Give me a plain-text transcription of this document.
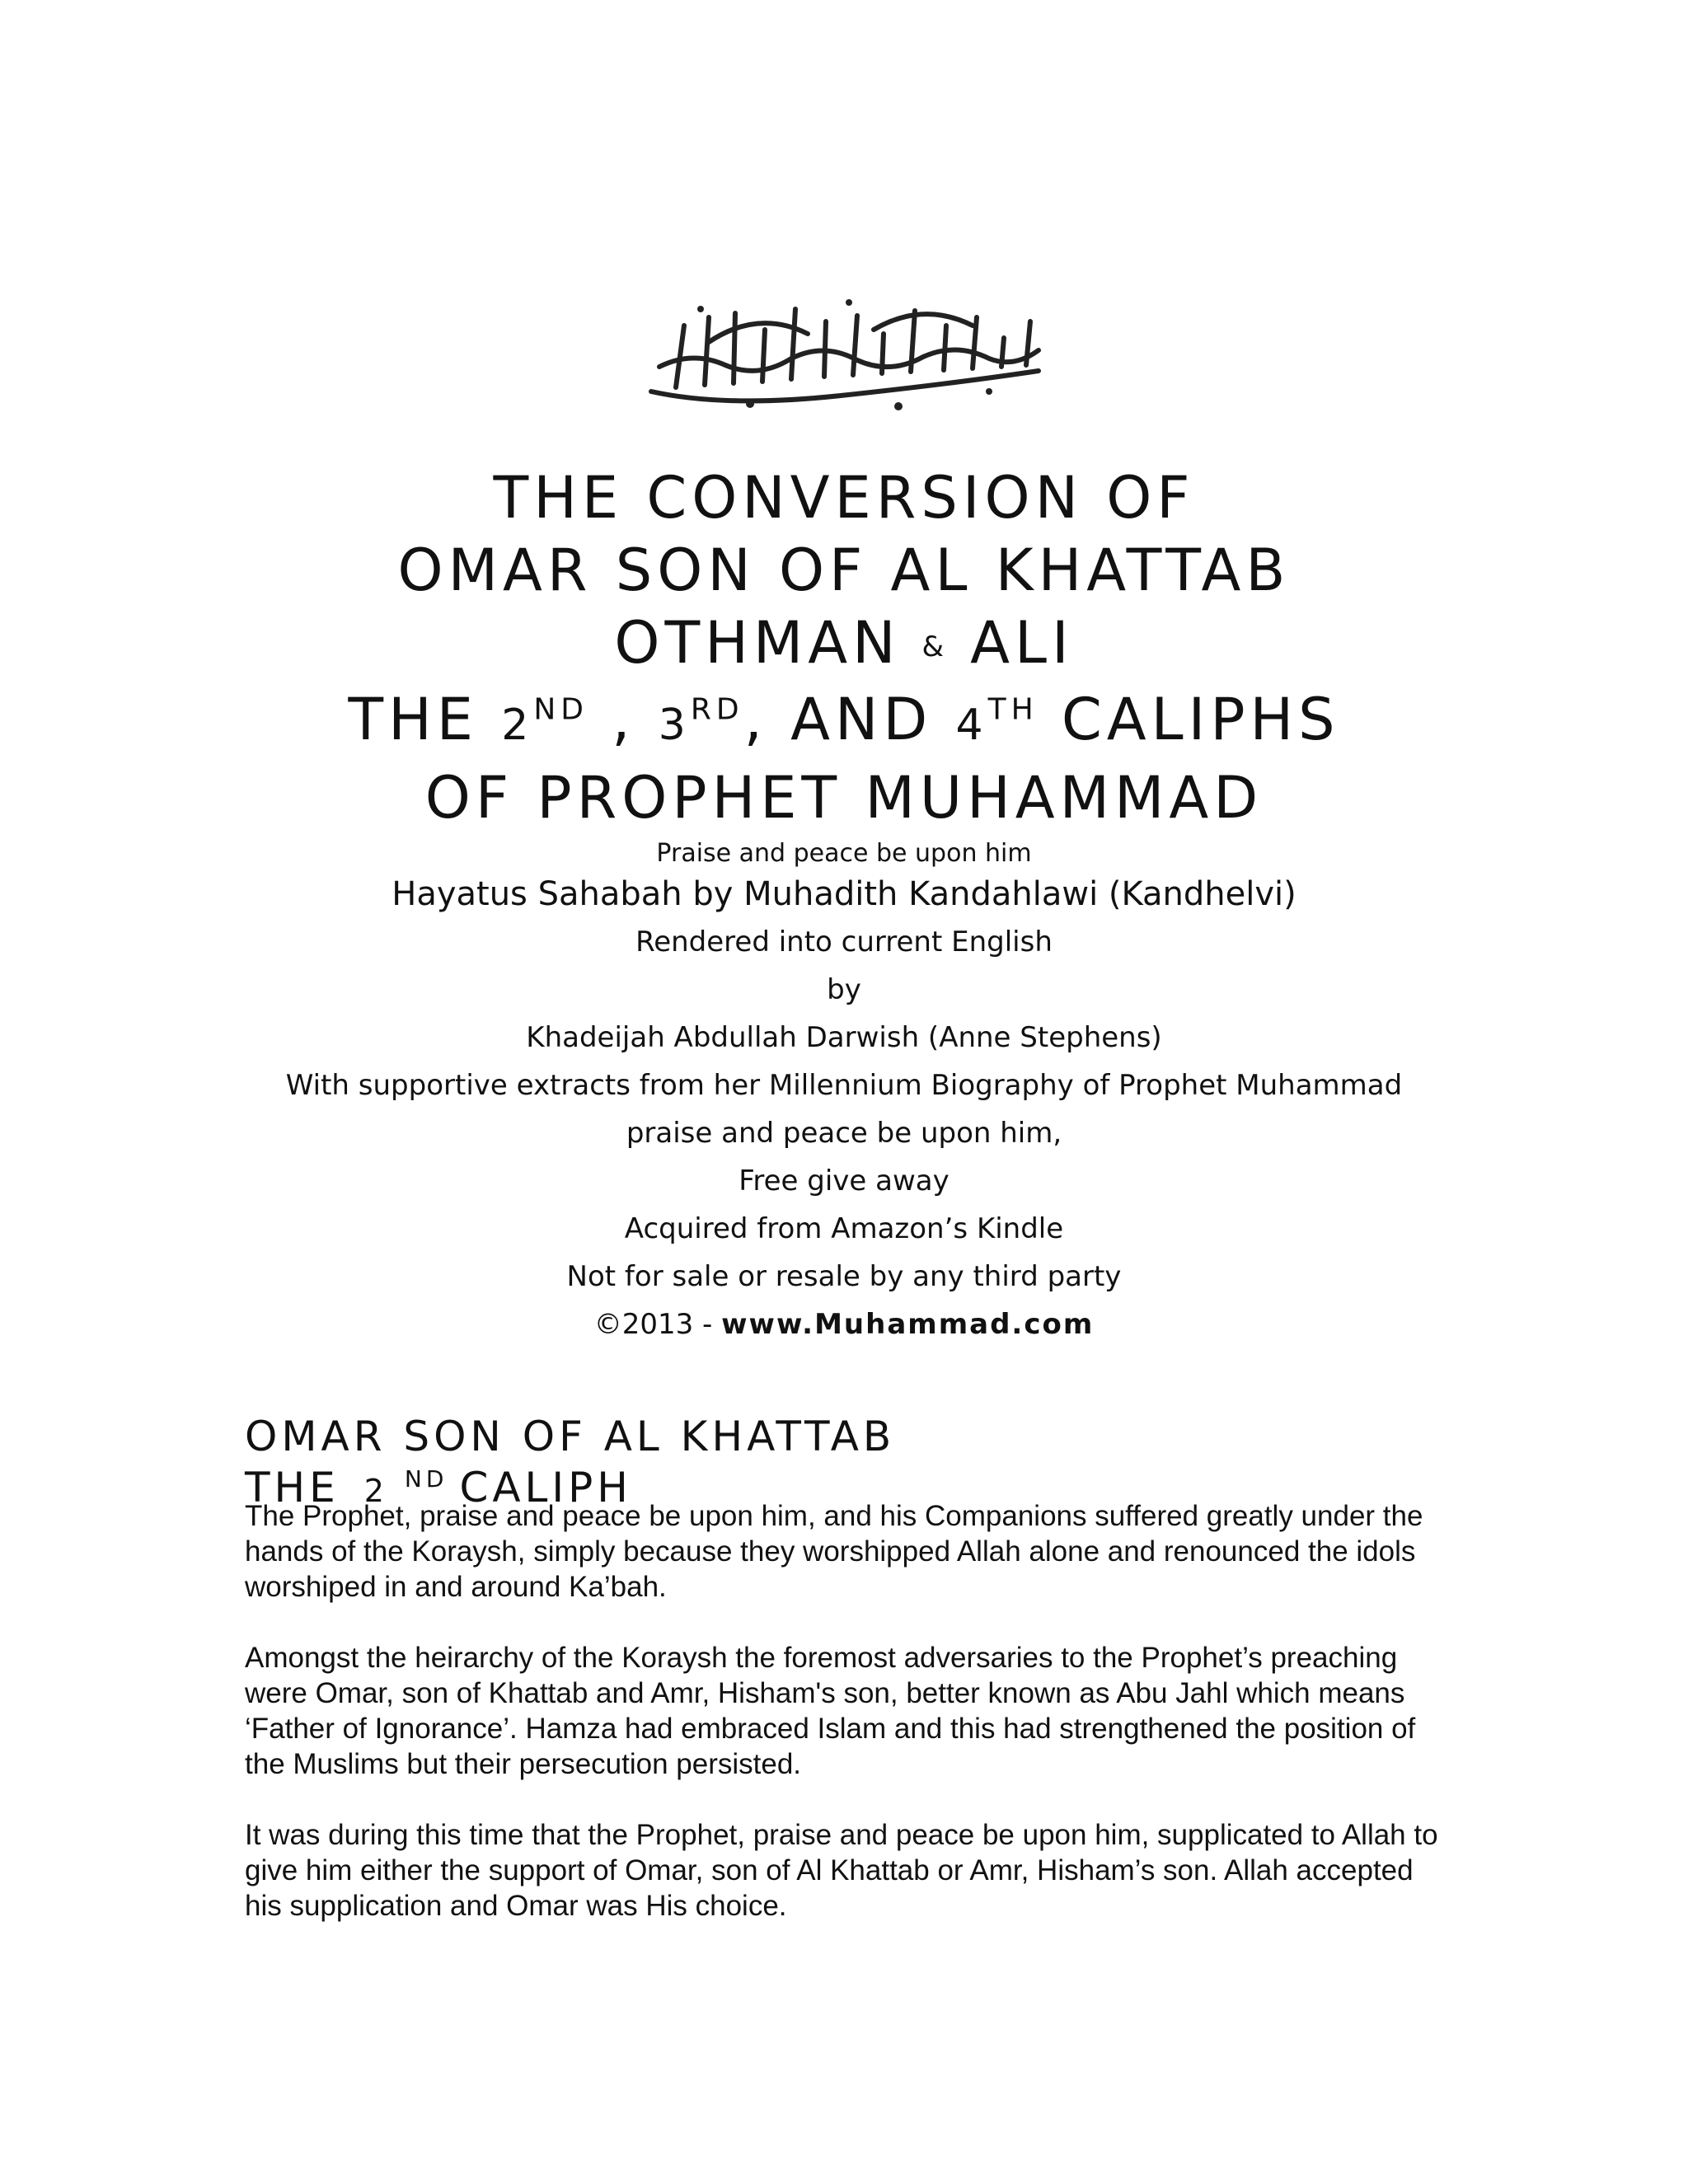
THE CONVERSION OF
OMAR SON OF AL KHATTAB
OTHMAN & ALI
THE 2ND , 3RD, AND 4TH CALIPHS
OF PROPHET MUHAMMAD
Praise and peace be upon him
Hayatus Sahabah by Muhadith Kandahlawi (Kandhelvi)
Rendered into current English
by
Khadeijah Abdullah Darwish (Anne Stephens)
With supportive extracts from her Millennium Biography of Prophet Muhammad
praise and peace be upon him,
Free give away
Acquired from Amazon’s Kindle
Not for sale or resale by any third party
©2013 - www.Muhammad.com
OMAR SON OF AL KHATTAB
THE 2 $^{ND}$ CALIPH

The Prophet, praise and peace be upon him, and his Companions suffered greatly under the hands of the Koraysh, simply because they worshipped Allah alone and renounced the idols worshiped in and around Ka’bah.

Amongst the heirarchy of the Koraysh the foremost adversaries to the Prophet’s preaching were Omar, son of Khattab and Amr, Hisham's son, better known as Abu Jahl which means ‘Father of Ignorance’. Hamza had embraced Islam and this had strengthened the position of the Muslims but their persecution persisted.

It was during this time that the Prophet, praise and peace be upon him, supplicated to Allah to give him either the support of Omar, son of Al Khattab or Amr, Hisham’s son. Allah accepted his supplication and Omar was His choice.
